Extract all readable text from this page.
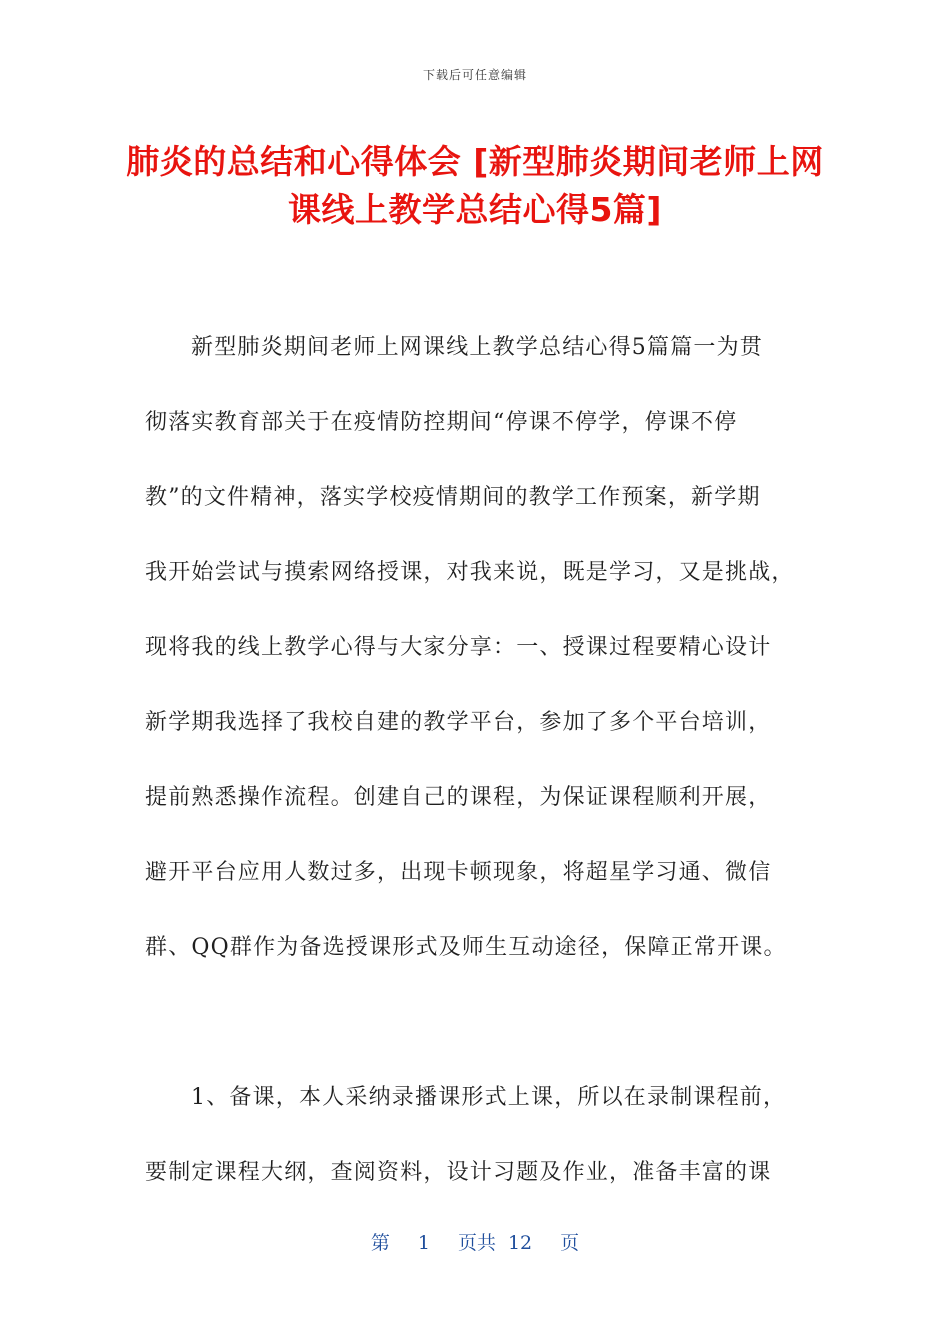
下载后可任意编辑
肺炎的总结和心得体会 [新型肺炎期间老师上网课线上教学总结心得5篇]
新型肺炎期间老师上网课线上教学总结心得5篇篇一为贯
彻落实教育部关于在疫情防控期间“停课不停学，停课不停
教”的文件精神，落实学校疫情期间的教学工作预案，新学期
我开始尝试与摸索网络授课，对我来说，既是学习，又是挑战，
现将我的线上教学心得与大家分享：一、授课过程要精心设计
新学期我选择了我校自建的教学平台，参加了多个平台培训，
提前熟悉操作流程。创建自己的课程，为保证课程顺利开展，
避开平台应用人数过多，出现卡顿现象，将超星学习通、微信
群、QQ群作为备选授课形式及师生互动途径，保障正常开课。
1、备课，本人采纳录播课形式上课，所以在录制课程前，
要制定课程大纲，查阅资料，设计习题及作业，准备丰富的课
第 1 页共 12 页
